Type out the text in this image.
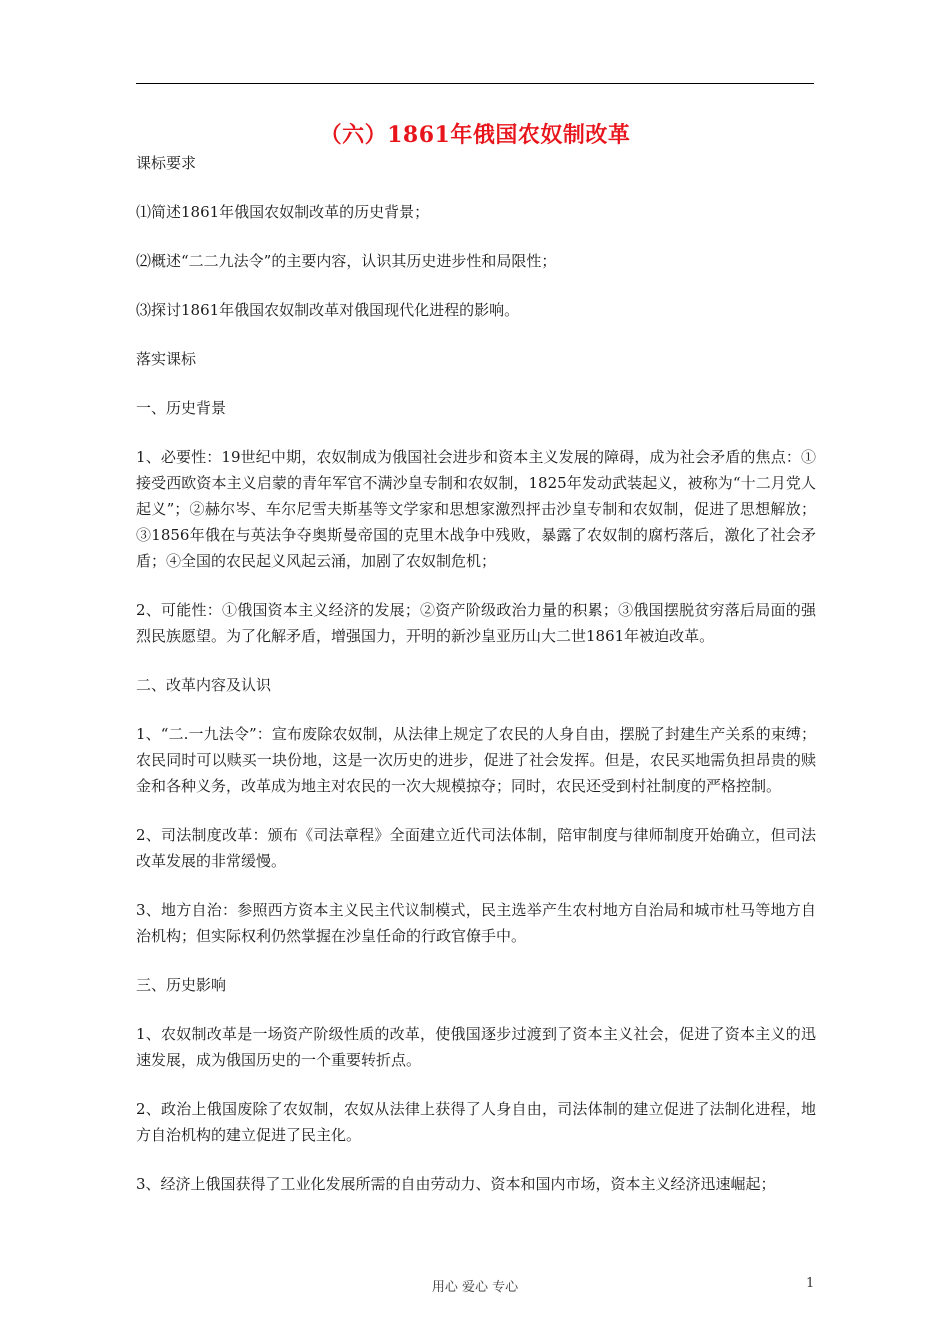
（六）1861年俄国农奴制改革

课标要求

⑴简述1861年俄国农奴制改革的历史背景；

⑵概述“二二九法令”的主要内容，认识其历史进步性和局限性；

⑶探讨1861年俄国农奴制改革对俄国现代化进程的影响。

落实课标

一、历史背景

1、必要性：19世纪中期，农奴制成为俄国社会进步和资本主义发展的障碍，成为社会矛盾的焦点：①接受西欧资本主义启蒙的青年军官不满沙皇专制和农奴制，1825年发动武装起义，被称为“十二月党人起义”；②赫尔岑、车尔尼雪夫斯基等文学家和思想家激烈抨击沙皇专制和农奴制，促进了思想解放；③1856年俄在与英法争夺奥斯曼帝国的克里木战争中残败，暴露了农奴制的腐朽落后，激化了社会矛盾；④全国的农民起义风起云涌，加剧了农奴制危机；

2、可能性：①俄国资本主义经济的发展；②资产阶级政治力量的积累；③俄国摆脱贫穷落后局面的强烈民族愿望。为了化解矛盾，增强国力，开明的新沙皇亚历山大二世1861年被迫改革。

二、改革内容及认识

1、“二.一九法令”：宣布废除农奴制，从法律上规定了农民的人身自由，摆脱了封建生产关系的束缚；农民同时可以赎买一块份地，这是一次历史的进步，促进了社会发挥。但是，农民买地需负担昂贵的赎金和各种义务，改革成为地主对农民的一次大规模掠夺；同时，农民还受到村社制度的严格控制。

2、司法制度改革：颁布《司法章程》全面建立近代司法体制，陪审制度与律师制度开始确立，但司法改革发展的非常缓慢。

3、地方自治：参照西方资本主义民主代议制模式，民主选举产生农村地方自治局和城市杜马等地方自治机构；但实际权利仍然掌握在沙皇任命的行政官僚手中。

三、历史影响

1、农奴制改革是一场资产阶级性质的改革，使俄国逐步过渡到了资本主义社会，促进了资本主义的迅速发展，成为俄国历史的一个重要转折点。

2、政治上俄国废除了农奴制，农奴从法律上获得了人身自由，司法体制的建立促进了法制化进程，地方自治机构的建立促进了民主化。

3、经济上俄国获得了工业化发展所需的自由劳动力、资本和国内市场，资本主义经济迅速崛起；

用心 爱心 专心	1
